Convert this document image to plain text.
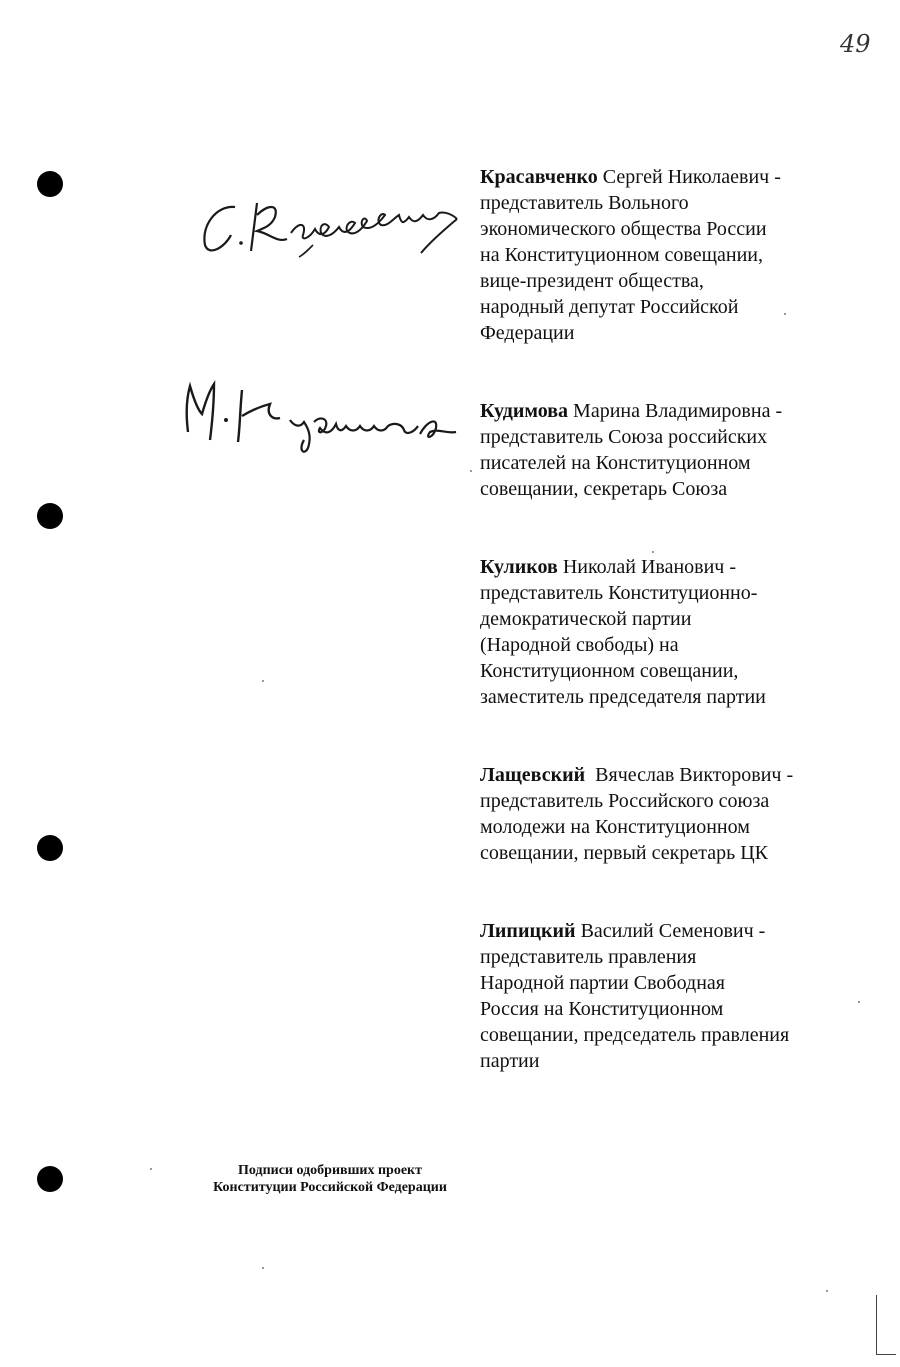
49
Красавченко Сергей Николаевич -
представитель Вольного
экономического общества России
на Конституционном совещании,
вице-президент общества,
народный депутат Российской
Федерации
Кудимова Марина Владимировна -
представитель Союза российских
писателей на Конституционном
совещании, секретарь Союза
Куликов Николай Иванович -
представитель Конституционно-
демократической партии
(Народной свободы) на
Конституционном совещании,
заместитель председателя партии
Лащевский  Вячеслав Викторович -
представитель Российского союза
молодежи на Конституционном
совещании, первый секретарь ЦК
Липицкий Василий Семенович -
представитель правления
Народной партии Свободная
Россия на Конституционном
совещании, председатель правления
партии
Подписи одобривших проект
Конституции Российской Федерации
